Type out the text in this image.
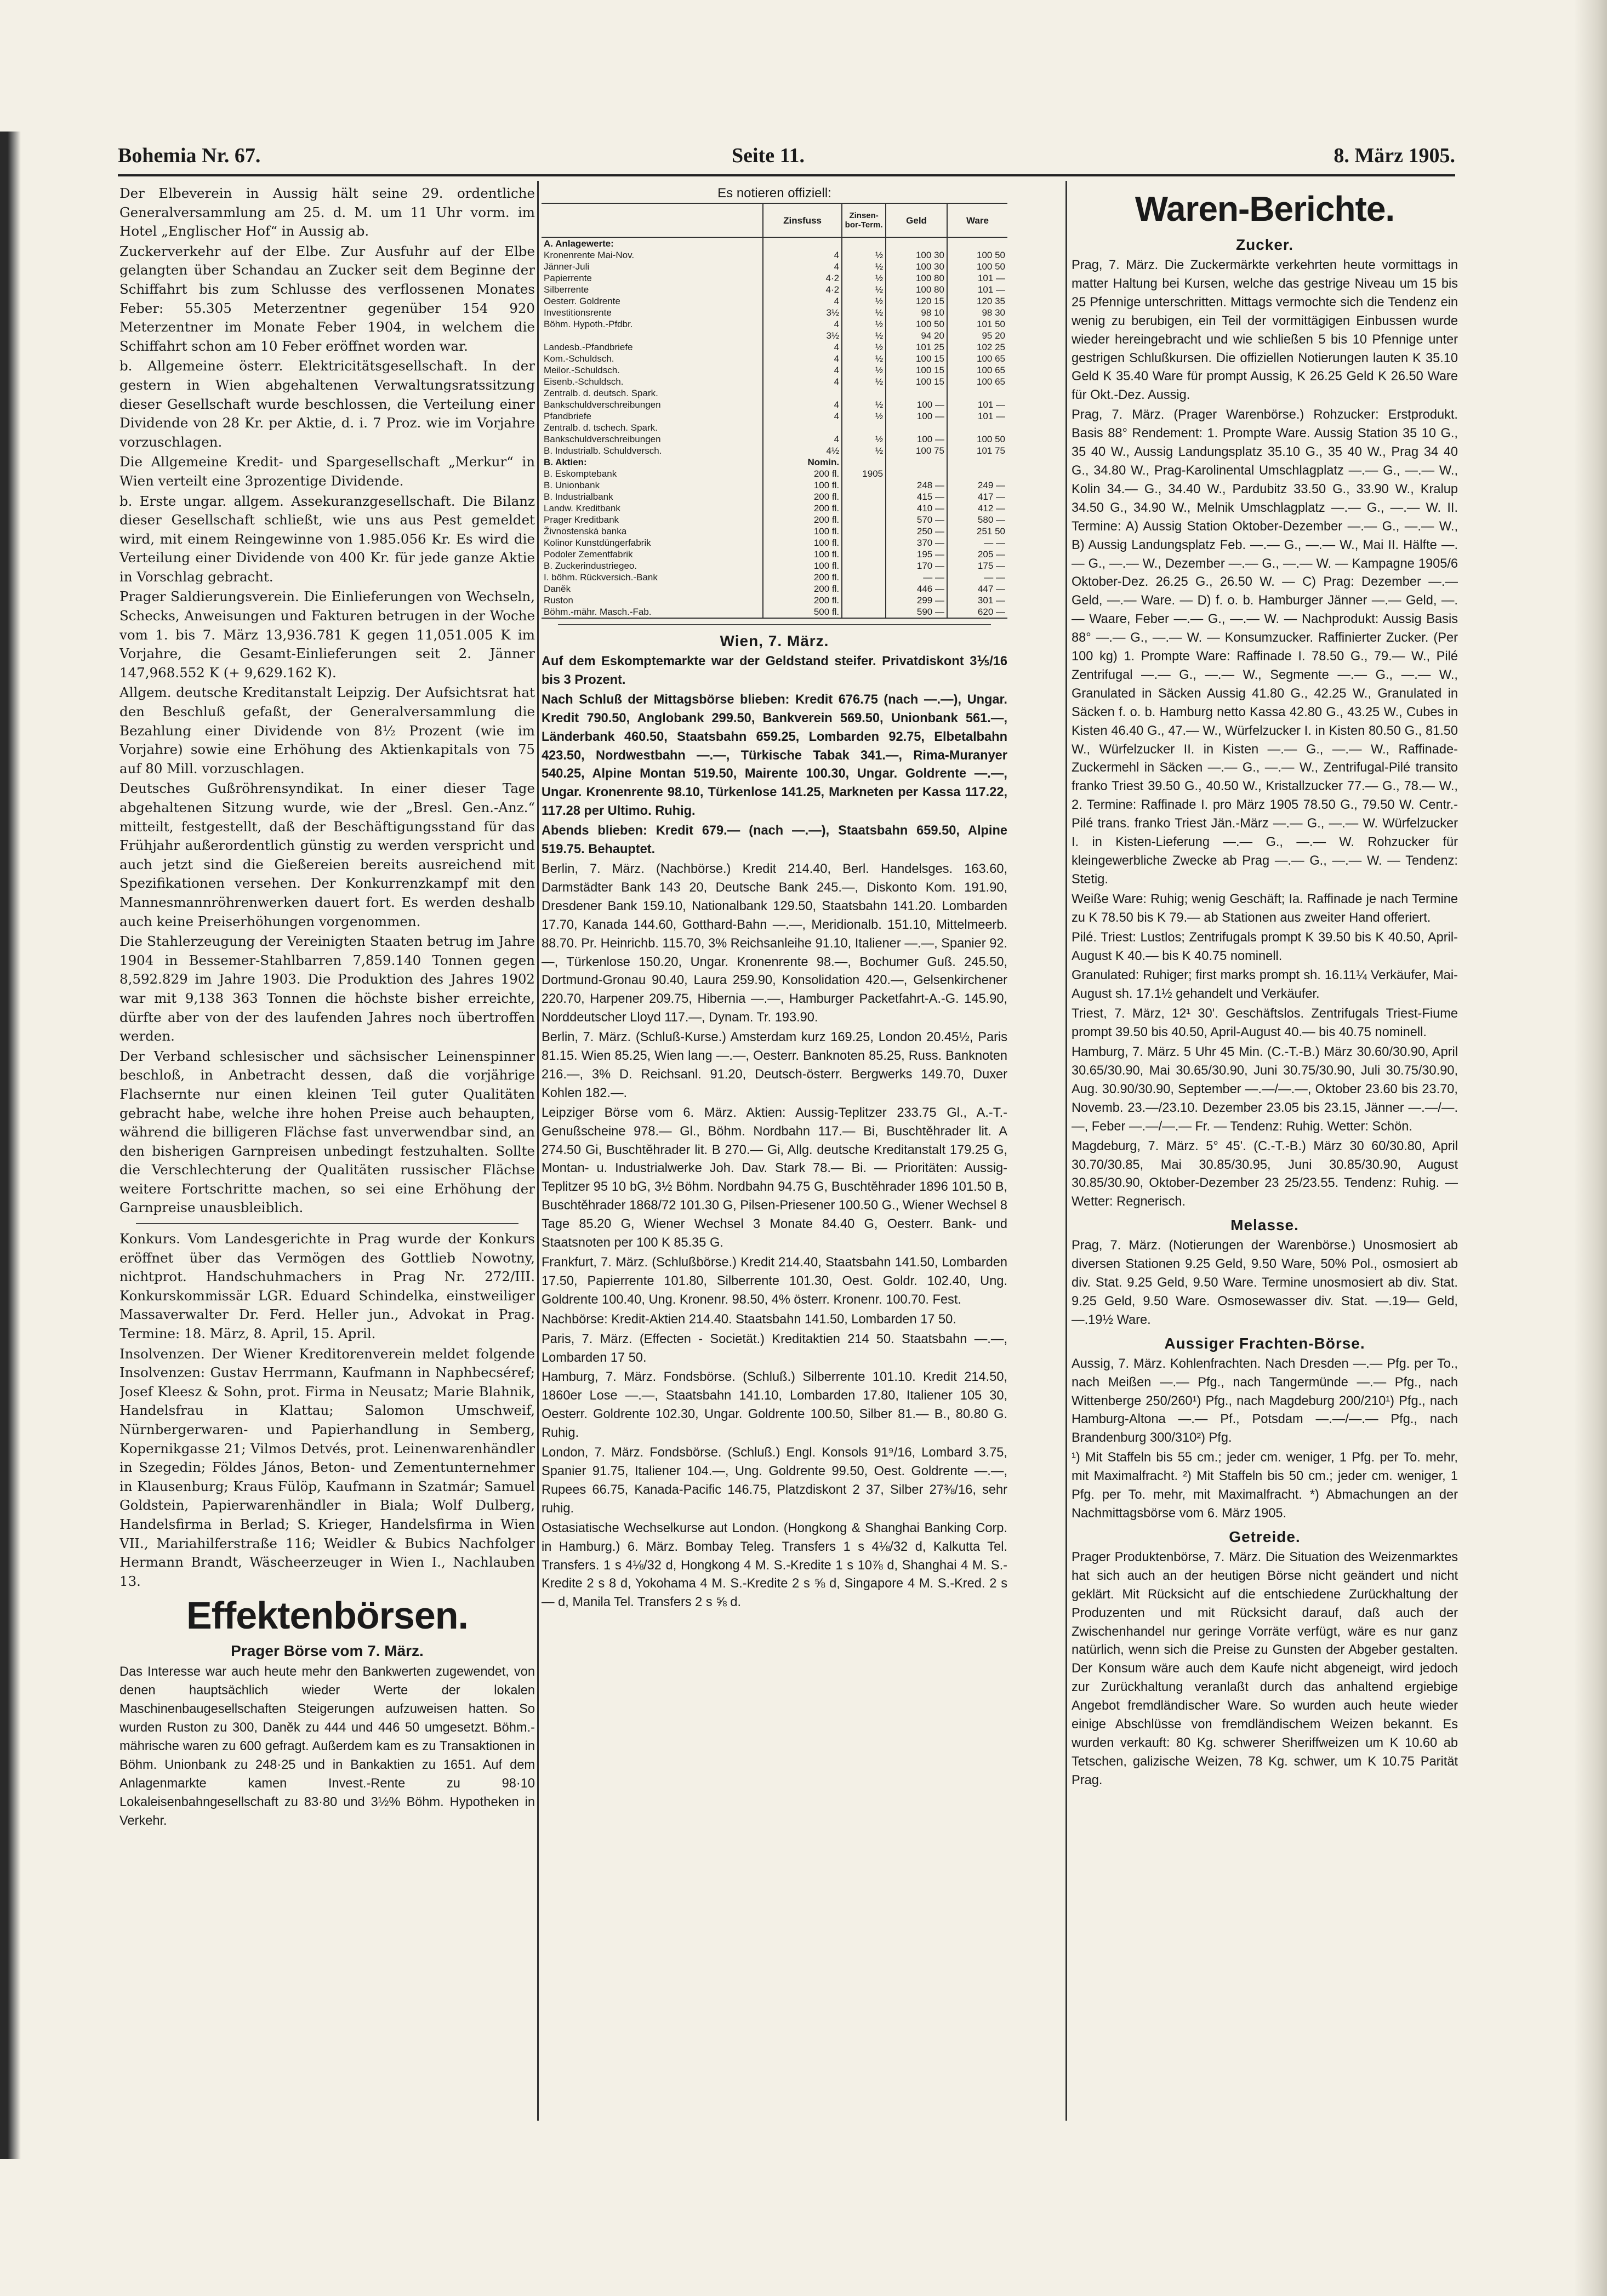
Bohemia Nr. 67.	Seite 11.	8. März 1905.

Der Elbeverein in Aussig hält seine 29. ordentliche Generalversammlung am 25. d. M. um 11 Uhr vorm. im Hotel „Englischer Hof“ in Aussig ab.

Zuckerverkehr auf der Elbe. Zur Ausfuhr auf der Elbe gelangten über Schandau an Zucker seit dem Beginne der Schiffahrt bis zum Schlusse des verflossenen Monates Feber: 55.305 Meterzentner gegenüber 154 920 Meterzentner im Monate Feber 1904, in welchem die Schiffahrt schon am 10 Feber eröffnet worden war.

b. Allgemeine österr. Elektricitätsgesellschaft. In der gestern in Wien abgehaltenen Verwaltungsratssitzung dieser Gesellschaft wurde beschlossen, die Verteilung einer Dividende von 28 Kr. per Aktie, d. i. 7 Proz. wie im Vorjahre vorzuschlagen.

Die Allgemeine Kredit- und Spargesellschaft „Merkur“ in Wien verteilt eine 3prozentige Dividende.

b. Erste ungar. allgem. Assekuranzgesellschaft. Die Bilanz dieser Gesellschaft schließt, wie uns aus Pest gemeldet wird, mit einem Reingewinne von 1.985.056 Kr. Es wird die Verteilung einer Dividende von 400 Kr. für jede ganze Aktie in Vorschlag gebracht.

Prager Saldierungsverein. Die Einlieferungen von Wechseln, Schecks, Anweisungen und Fakturen betrugen in der Woche vom 1. bis 7. März 13,936.781 K gegen 11,051.005 K im Vorjahre, die Gesamt-Einlieferungen seit 2. Jänner 147,968.552 K (+ 9,629.162 K).

Allgem. deutsche Kreditanstalt Leipzig. Der Aufsichtsrat hat den Beschluß gefaßt, der Generalversammlung die Bezahlung einer Dividende von 8½ Prozent (wie im Vorjahre) sowie eine Erhöhung des Aktienkapitals von 75 auf 80 Mill. vorzuschlagen.

Deutsches Gußröhrensyndikat. In einer dieser Tage abgehaltenen Sitzung wurde, wie der „Bresl. Gen.-Anz.“ mitteilt, festgestellt, daß der Beschäftigungsstand für das Frühjahr außerordentlich günstig zu werden verspricht und auch jetzt sind die Gießereien bereits ausreichend mit Spezifikationen versehen. Der Konkurrenzkampf mit den Mannesmannröhrenwerken dauert fort. Es werden deshalb auch keine Preiserhöhungen vorgenommen.

Die Stahlerzeugung der Vereinigten Staaten betrug im Jahre 1904 in Bessemer-Stahlbarren 7,859.140 Tonnen gegen 8,592.829 im Jahre 1903. Die Produktion des Jahres 1902 war mit 9,138 363 Tonnen die höchste bisher erreichte, dürfte aber von der des laufenden Jahres noch übertroffen werden.

Der Verband schlesischer und sächsischer Leinenspinner beschloß, in Anbetracht dessen, daß die vorjährige Flachsernte nur einen kleinen Teil guter Qualitäten gebracht habe, welche ihre hohen Preise auch behaupten, während die billigeren Flächse fast unverwendbar sind, an den bisherigen Garnpreisen unbedingt festzuhalten. Sollte die Verschlechterung der Qualitäten russischer Flächse weitere Fortschritte machen, so sei eine Erhöhung der Garnpreise unausbleiblich.

Konkurs. Vom Landesgerichte in Prag wurde der Konkurs eröffnet über das Vermögen des Gottlieb Nowotny, nichtprot. Handschuhmachers in Prag Nr. 272/III. Konkurskommissär LGR. Eduard Schindelka, einstweiliger Massaverwalter Dr. Ferd. Heller jun., Advokat in Prag. Termine: 18. März, 8. April, 15. April.

Insolvenzen. Der Wiener Kreditorenverein meldet folgende Insolvenzen: Gustav Herrmann, Kaufmann in Naphbecséref; Josef Kleesz & Sohn, prot. Firma in Neusatz; Marie Blahnik, Handelsfrau in Klattau; Salomon Umschweif, Nürnbergerwaren- und Papierhandlung in Semberg, Kopernikgasse 21; Vilmos Detvés, prot. Leinenwarenhändler in Szegedin; Földes János, Beton- und Zementunternehmer in Klausenburg; Kraus Fülöp, Kaufmann in Szatmár; Samuel Goldstein, Papierwarenhändler in Biala; Wolf Dulberg, Handelsfirma in Berlad; S. Krieger, Handelsfirma in Wien VII., Mariahilferstraße 116; Weidler & Bubics Nachfolger Hermann Brandt, Wäscheerzeuger in Wien I., Nachlauben 13.

Effektenbörsen.
Prager Börse vom 7. März.

Das Interesse war auch heute mehr den Bankwerten zugewendet, von denen hauptsächlich wieder Werte der lokalen Maschinenbaugesellschaften Steigerungen aufzuweisen hatten. So wurden Ruston zu 300, Daněk zu 444 und 446 50 umgesetzt. Böhm.-mährische waren zu 600 gefragt. Außerdem kam es zu Transaktionen in Böhm. Unionbank zu 248·25 und in Bankaktien zu 1651. Auf dem Anlagenmarkte kamen Invest.-Rente zu 98·10 Lokaleisenbahngesellschaft zu 83·80 und 3½% Böhm. Hypotheken in Verkehr.

Es notieren offiziell:
	Zinsfuss	Zinsen-bor-Term.	Geld	Ware
A. Anlagewerte:				
Kronenrente Mai-Nov.	4	½	100 30	100 50
Jänner-Juli	4	½	100 30	100 50
Papierrente	4·2	½	100 80	101 —
Silberrente	4·2	½	100 80	101 —
Oesterr. Goldrente	4	½	120 15	120 35
Investitionsrente	3½	½	98 10	98 30
Böhm. Hypoth.-Pfdbr.	4	½	100 50	101 50
	3½	½	94 20	95 20
Landesb.-Pfandbriefe	4	½	101 25	102 25
Kom.-Schuldsch.	4	½	100 15	100 65
Meilor.-Schuldsch.	4	½	100 15	100 65
Eisenb.-Schuldsch.	4	½	100 15	100 65
Zentralb. d. deutsch. Spark.				
Bankschuldverschreibungen	4	½	100 —	101 —
Pfandbriefe	4	½	100 —	101 —
Zentralb. d. tschech. Spark.				
Bankschuldverschreibungen	4	½	100 —	100 50
B. Industrialb. Schuldversch.	4½	½	100 75	101 75
B. Aktien:	Nomin.			
B. Eskomptebank	200 fl.	1905		
B. Unionbank	100 fl.		248 —	249 —
B. Industrialbank	200 fl.		415 —	417 —
Landw. Kreditbank	200 fl.		410 —	412 —
Prager Kreditbank	200 fl.		570 —	580 —
Živnostenská banka	100 fl.		250 —	251 50
Kolinor Kunstdüngerfabrik	100 fl.		370 —	— —
Podoler Zementfabrik	100 fl.		195 —	205 —
B. Zuckerindustriegeo.	100 fl.		170 —	175 —
I. böhm. Rückversich.-Bank	200 fl.		— —	— —
Daněk	200 fl.		446 —	447 —
Ruston	200 fl.		299 —	301 —
Böhm.-mähr. Masch.-Fab.	500 fl.		590 —	620 —
Wien, 7. März.

Auf dem Eskomptemarkte war der Geldstand steifer. Privatdiskont 3⅕/16 bis 3 Prozent.

Nach Schluß der Mittagsbörse blieben: Kredit 676.75 (nach —.—), Ungar. Kredit 790.50, Anglobank 299.50, Bankverein 569.50, Unionbank 561.—, Länderbank 460.50, Staatsbahn 659.25, Lombarden 92.75, Elbetalbahn 423.50, Nordwestbahn —.—, Türkische Tabak 341.—, Rima-Muranyer 540.25, Alpine Montan 519.50, Mairente 100.30, Ungar. Goldrente —.—, Ungar. Kronenrente 98.10, Türkenlose 141.25, Markneten per Kassa 117.22, 117.28 per Ultimo. Ruhig.

Abends blieben: Kredit 679.— (nach —.—), Staatsbahn 659.50, Alpine 519.75. Behauptet.

Berlin, 7. März. (Nachbörse.) Kredit 214.40, Berl. Handelsges. 163.60, Darmstädter Bank 143 20, Deutsche Bank 245.—, Diskonto Kom. 191.90, Dresdener Bank 159.10, Nationalbank 129.50, Staatsbahn 141.20. Lombarden 17.70, Kanada 144.60, Gotthard-Bahn —.—, Meridionalb. 151.10, Mittelmeerb. 88.70. Pr. Heinrichb. 115.70, 3% Reichsanleihe 91.10, Italiener —.—, Spanier 92.—, Türkenlose 150.20, Ungar. Kronenrente 98.—, Bochumer Guß. 245.50, Dortmund-Gronau 90.40, Laura 259.90, Konsolidation 420.—, Gelsenkirchener 220.70, Harpener 209.75, Hibernia —.—, Hamburger Packetfahrt-A.-G. 145.90, Norddeutscher Lloyd 117.—, Dynam. Tr. 193.90.

Berlin, 7. März. (Schluß-Kurse.) Amsterdam kurz 169.25, London 20.45½, Paris 81.15. Wien 85.25, Wien lang —.—, Oesterr. Banknoten 85.25, Russ. Banknoten 216.—, 3% D. Reichsanl. 91.20, Deutsch-österr. Bergwerks 149.70, Duxer Kohlen 182.—.

Leipziger Börse vom 6. März. Aktien: Aussig-Teplitzer 233.75 Gl., A.-T.-Genußscheine 978.— Gl., Böhm. Nordbahn 117.— Bi, Buschtěhrader lit. A 274.50 Gi, Buschtěhrader lit. B 270.— Gi, Allg. deutsche Kreditanstalt 179.25 G, Montan- u. Industrialwerke Joh. Dav. Stark 78.— Bi. — Prioritäten: Aussig-Teplitzer 95 10 bG, 3½ Böhm. Nordbahn 94.75 G, Buschtěhrader 1896 101.50 B, Buschtěhrader 1868/72 101.30 G, Pilsen-Priesener 100.50 G., Wiener Wechsel 8 Tage 85.20 G, Wiener Wechsel 3 Monate 84.40 G, Oesterr. Bank- und Staatsnoten per 100 K 85.35 G.

Frankfurt, 7. März. (Schlußbörse.) Kredit 214.40, Staatsbahn 141.50, Lombarden 17.50, Papierrente 101.80, Silberrente 101.30, Oest. Goldr. 102.40, Ung. Goldrente 100.40, Ung. Kronenr. 98.50, 4% österr. Kronenr. 100.70. Fest.

Nachbörse: Kredit-Aktien 214.40. Staatsbahn 141.50, Lombarden 17 50.

Paris, 7. März. (Effecten - Societät.) Kreditaktien 214 50. Staatsbahn —.—, Lombarden 17 50.

Hamburg, 7. März. Fondsbörse. (Schluß.) Silberrente 101.10. Kredit 214.50, 1860er Lose —.—, Staatsbahn 141.10, Lombarden 17.80, Italiener 105 30, Oesterr. Goldrente 102.30, Ungar. Goldrente 100.50, Silber 81.— B., 80.80 G. Ruhig.

London, 7. März. Fondsbörse. (Schluß.) Engl. Konsols 91⁹/16, Lombard 3.75, Spanier 91.75, Italiener 104.—, Ung. Goldrente 99.50, Oest. Goldrente —.—, Rupees 66.75, Kanada-Pacific 146.75, Platzdiskont 2 37, Silber 27⅜/16, sehr ruhig.

Ostasiatische Wechselkurse aut London. (Hongkong & Shanghai Banking Corp. in Hamburg.) 6. März. Bombay Teleg. Transfers 1 s 4⅛/32 d, Kalkutta Tel. Transfers. 1 s 4⅛/32 d, Hongkong 4 M. S.-Kredite 1 s 10⅞ d, Shanghai 4 M. S.-Kredite 2 s 8 d, Yokohama 4 M. S.-Kredite 2 s ⅝ d, Singapore 4 M. S.-Kred. 2 s — d, Manila Tel. Transfers 2 s ⅝ d.

Waren-Berichte.
Zucker.

Prag, 7. März. Die Zuckermärkte verkehrten heute vormittags in matter Haltung bei Kursen, welche das gestrige Niveau um 15 bis 25 Pfennige unterschritten. Mittags vermochte sich die Tendenz ein wenig zu berubigen, ein Teil der vormittägigen Einbussen wurde wieder hereingebracht und wie schließen 5 bis 10 Pfennige unter gestrigen Schlußkursen. Die offiziellen Notierungen lauten K 35.10 Geld K 35.40 Ware für prompt Aussig, K 26.25 Geld K 26.50 Ware für Okt.-Dez. Aussig.

Prag, 7. März. (Prager Warenbörse.) Rohzucker: Erstprodukt. Basis 88° Rendement: 1. Prompte Ware. Aussig Station 35 10 G., 35 40 W., Aussig Landungsplatz 35.10 G., 35 40 W., Prag 34 40 G., 34.80 W., Prag-Karolinental Umschlagplatz —.— G., —.— W., Kolin 34.— G., 34.40 W., Pardubitz 33.50 G., 33.90 W., Kralup 34.50 G., 34.90 W., Melnik Umschlagplatz —.— G., —.— W. II. Termine: A) Aussig Station Oktober-Dezember —.— G., —.— W., B) Aussig Landungsplatz Feb. —.— G., —.— W., Mai II. Hälfte —.— G., —.— W., Dezember —.— G., —.— W. — Kampagne 1905/6 Oktober-Dez. 26.25 G., 26.50 W. — C) Prag: Dezember —.— Geld, —.— Ware. — D) f. o. b. Hamburger Jänner —.— Geld, —.— Waare, Feber —.— G., —.— W. — Nachprodukt: Aussig Basis 88° —.— G., —.— W. — Konsumzucker. Raffinierter Zucker. (Per 100 kg) 1. Prompte Ware: Raffinade I. 78.50 G., 79.— W., Pilé Zentrifugal —.— G., —.— W., Segmente —.— G., —.— W., Granulated in Säcken Aussig 41.80 G., 42.25 W., Granulated in Säcken f. o. b. Hamburg netto Kassa 42.80 G., 43.25 W., Cubes in Kisten 46.40 G., 47.— W., Würfelzucker I. in Kisten 80.50 G., 81.50 W., Würfelzucker II. in Kisten —.— G., —.— W., Raffinade-Zuckermehl in Säcken —.— G., —.— W., Zentrifugal-Pilé transito franko Triest 39.50 G., 40.50 W., Kristallzucker 77.— G., 78.— W., 2. Termine: Raffinade I. pro März 1905 78.50 G., 79.50 W. Centr.-Pilé trans. franko Triest Jän.-März —.— G., —.— W. Würfelzucker I. in Kisten-Lieferung —.— G., —.— W. Rohzucker für kleingewerbliche Zwecke ab Prag —.— G., —.— W. — Tendenz: Stetig.

Weiße Ware: Ruhig; wenig Geschäft; Ia. Raffinade je nach Termine zu K 78.50 bis K 79.— ab Stationen aus zweiter Hand offeriert.

Pilé. Triest: Lustlos; Zentrifugals prompt K 39.50 bis K 40.50, April-August K 40.— bis K 40.75 nominell.

Granulated: Ruhiger; first marks prompt sh. 16.11¼ Verkäufer, Mai-August sh. 17.1½ gehandelt und Verkäufer.

Triest, 7. März, 12¹ 30'. Geschäftslos. Zentrifugals Triest-Fiume prompt 39.50 bis 40.50, April-August 40.— bis 40.75 nominell.

Hamburg, 7. März. 5 Uhr 45 Min. (C.-T.-B.) März 30.60/30.90, April 30.65/30.90, Mai 30.65/30.90, Juni 30.75/30.90, Juli 30.75/30.90, Aug. 30.90/30.90, September —.—/—.—, Oktober 23.60 bis 23.70, Novemb. 23.—/23.10. Dezember 23.05 bis 23.15, Jänner —.—/—.—, Feber —.—/—.— Fr. — Tendenz: Ruhig. Wetter: Schön.

Magdeburg, 7. März. 5° 45'. (C.-T.-B.) März 30 60/30.80, April 30.70/30.85, Mai 30.85/30.95, Juni 30.85/30.90, August 30.85/30.90, Oktober-Dezember 23 25/23.55. Tendenz: Ruhig. — Wetter: Regnerisch.

Melasse.

Prag, 7. März. (Notierungen der Warenbörse.) Unosmosiert ab diversen Stationen 9.25 Geld, 9.50 Ware, 50% Pol., osmosiert ab div. Stat. 9.25 Geld, 9.50 Ware. Termine unosmosiert ab div. Stat. 9.25 Geld, 9.50 Ware. Osmosewasser div. Stat. —.19— Geld, —.19½ Ware.

Aussiger Frachten-Börse.

Aussig, 7. März. Kohlenfrachten. Nach Dresden —.— Pfg. per To., nach Meißen —.— Pfg., nach Tangermünde —.— Pfg., nach Wittenberge 250/260¹) Pfg., nach Magdeburg 200/210¹) Pfg., nach Hamburg-Altona —.— Pf., Potsdam —.—/—.— Pfg., nach Brandenburg 300/310²) Pfg.

¹) Mit Staffeln bis 55 cm.; jeder cm. weniger, 1 Pfg. per To. mehr, mit Maximalfracht. ²) Mit Staffeln bis 50 cm.; jeder cm. weniger, 1 Pfg. per To. mehr, mit Maximalfracht. *) Abmachungen an der Nachmittagsbörse vom 6. März 1905.

Getreide.

Prager Produktenbörse, 7. März. Die Situation des Weizenmarktes hat sich auch an der heutigen Börse nicht geändert und nicht geklärt. Mit Rücksicht auf die entschiedene Zurückhaltung der Produzenten und mit Rücksicht darauf, daß auch der Zwischenhandel nur geringe Vorräte verfügt, wäre es nur ganz natürlich, wenn sich die Preise zu Gunsten der Abgeber gestalten. Der Konsum wäre auch dem Kaufe nicht abgeneigt, wird jedoch zur Zurückhaltung veranlaßt durch das anhaltend ergiebige Angebot fremdländischer Ware. So wurden auch heute wieder einige Abschlüsse von fremdländischem Weizen bekannt. Es wurden verkauft: 80 Kg. schwerer Sheriffweizen um K 10.60 ab Tetschen, galizische Weizen, 78 Kg. schwer, um K 10.75 Parität Prag.
